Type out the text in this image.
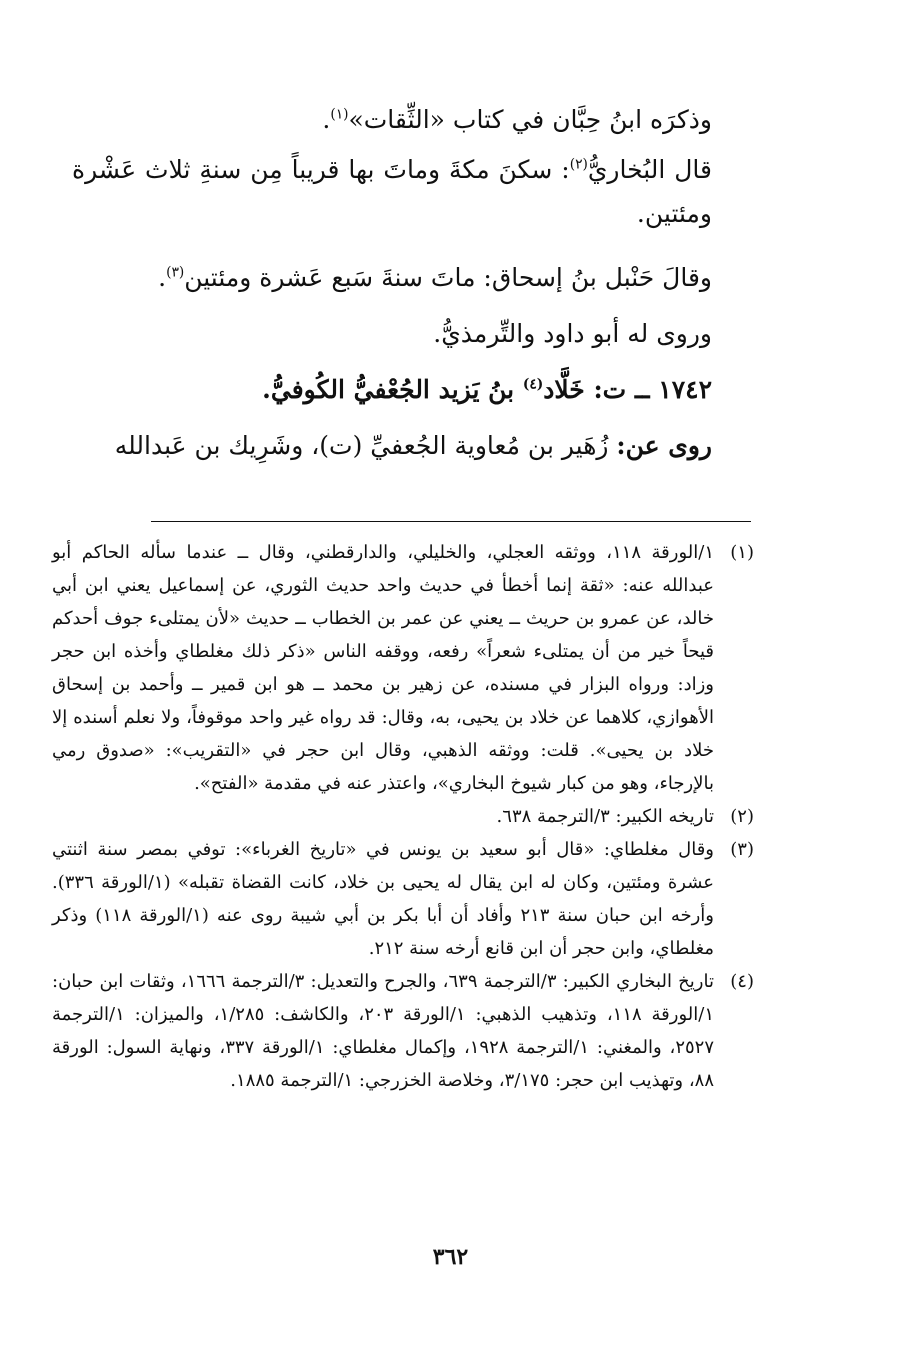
وذكرَه ابنُ حِبَّان في كتاب «الثِّقات»$^{(١)}$.

قال البُخاريُّ$^{(٢)}$: سكنَ مكةَ وماتَ بها قريباً مِن سنةِ ثلاث عَشْرة ومئتين.

وقالَ حَنْبل بنُ إسحاق: ماتَ سنةَ سَبع عَشرة ومئتين$^{(٣)}$.

وروى له أبو داود والتِّرمذيُّ.

١٧٤٢ ــ ت: خَلَّاد$^{(٤)}$ بنُ يَزيد الجُعْفيُّ الكُوفيُّ.

روى عن: زُهَير بن مُعاوية الجُعفيِّ (ت)، وشَرِيك بن عَبدالله

(١)
١/الورقة ١١٨، ووثقه العجلي، والخليلي، والدارقطني، وقال ــ عندما سأله الحاكم أبو عبدالله عنه: «ثقة إنما أخطأ في حديث واحد حديث الثوري، عن إسماعيل يعني ابن أبي خالد، عن عمرو بن حريث ــ يعني عن عمر بن الخطاب ــ حديث «لأن يمتلىء جوف أحدكم قيحاً خير من أن يمتلىء شعراً» رفعه، ووقفه الناس «ذكر ذلك مغلطاي وأخذه ابن حجر وزاد: ورواه البزار في مسنده، عن زهير بن محمد ــ هو ابن قمير ــ وأحمد بن إسحاق الأهوازي، كلاهما عن خلاد بن يحيى، به، وقال: قد رواه غير واحد موقوفاً، ولا نعلم أسنده إلا خلاد بن يحيى». قلت: ووثقه الذهبي، وقال ابن حجر في «التقريب»: «صدوق رمي بالإرجاء، وهو من كبار شيوخ البخاري»، واعتذر عنه في مقدمة «الفتح».
(٢)
تاريخه الكبير: ٣/الترجمة ٦٣٨.
(٣)
وقال مغلطاي: «قال أبو سعيد بن يونس في «تاريخ الغرباء»: توفي بمصر سنة اثنتي عشرة ومئتين، وكان له ابن يقال له يحيى بن خلاد، كانت القضاة تقبله» (١/الورقة ٣٣٦). وأرخه ابن حبان سنة ٢١٣ وأفاد أن أبا بكر بن أبي شيبة روى عنه (١/الورقة ١١٨) وذكر مغلطاي، وابن حجر أن ابن قانع أرخه سنة ٢١٢.
(٤)
تاريخ البخاري الكبير: ٣/الترجمة ٦٣٩، والجرح والتعديل: ٣/الترجمة ١٦٦٦، وثقات ابن حبان: ١/الورقة ١١٨، وتذهيب الذهبي: ١/الورقة ٢٠٣، والكاشف: ١/٢٨٥، والميزان: ١/الترجمة ٢٥٢٧، والمغني: ١/الترجمة ١٩٢٨، وإكمال مغلطاي: ١/الورقة ٣٣٧، ونهاية السول: الورقة ٨٨، وتهذيب ابن حجر: ٣/١٧٥، وخلاصة الخزرجي: ١/الترجمة ١٨٨٥.
٣٦٢
